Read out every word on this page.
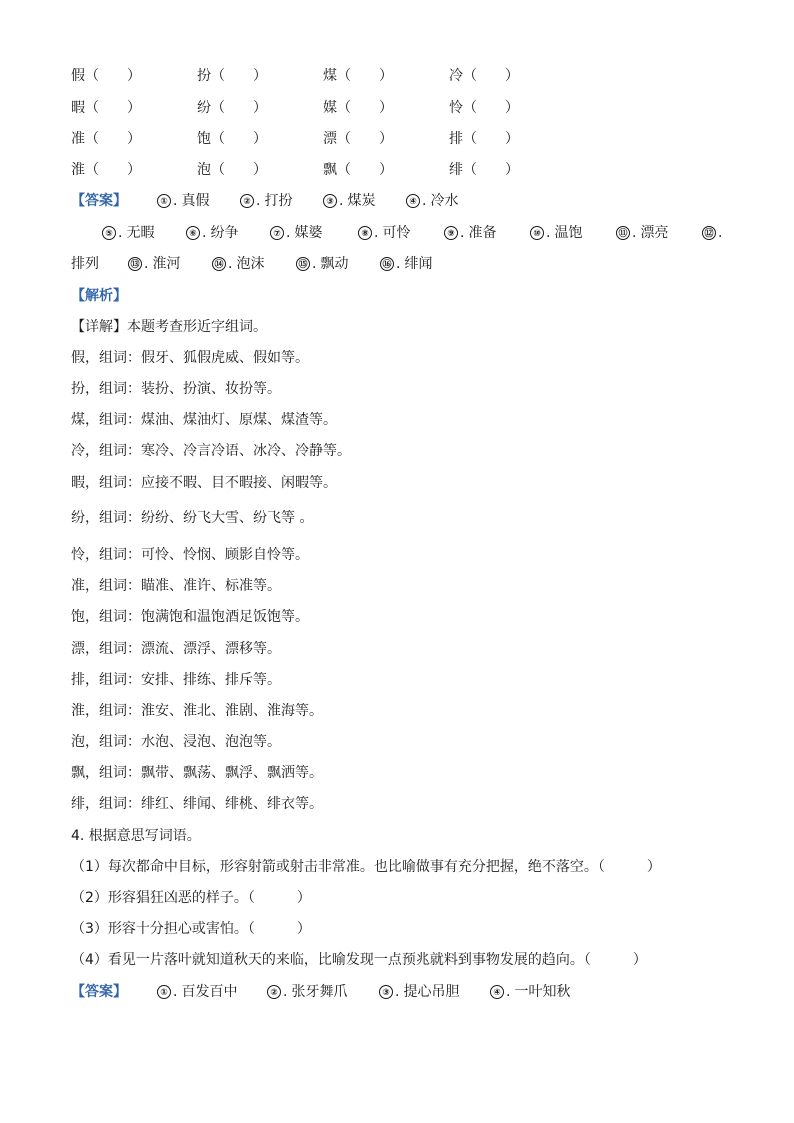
假（　　）	扮（　　）	煤（　　）	冷（　　）
暇（　　）	纷（　　）	媒（　　）	怜（　　）
准（　　）	饱（　　）	漂（　　）	排（　　）
淮（　　）	泡（　　）	飘（　　）	绯（　　）
【答案】	① . 真假	② . 打扮	③ . 煤炭	④ . 冷水
⑤ . 无暇	⑥ . 纷争	⑦ . 媒婆	⑧ . 可怜	⑨ . 准备	⑩ . 温饱	⑪ . 漂亮	⑫ .
排列	⑬ . 淮河	⑭ . 泡沫	⑮ . 飘动	⑯ . 绯闻
【解析】
【详解】本题考查形近字组词。
假，组词：假牙、狐假虎威、假如等。
扮，组词：装扮、扮演、妆扮等。
煤，组词：煤油、煤油灯、原煤、煤渣等。
冷，组词：寒冷、冷言冷语、冰冷、冷静等。
暇，组词：应接不暇、目不暇接、闲暇等。
纷，组词：纷纷、纷飞大雪、纷飞等 。
怜，组词：可怜、怜悯、顾影自怜等。
准，组词：瞄准、准许、标准等。
饱，组词：饱满饱和温饱酒足饭饱等。
漂，组词：漂流、漂浮、漂移等。
排，组词：安排、排练、排斥等。
淮，组词：淮安、淮北、淮剧、淮海等。
泡，组词：水泡、浸泡、泡泡等。
飘，组词：飘带、飘荡、飘浮、飘洒等。
绯，组词：绯红、绯闻、绯桃、绯衣等。
4. 根据意思写词语。
（1）每次都命中目标，形容射箭或射击非常准。也比喻做事有充分把握，绝不落空。（　　　）
（2）形容猖狂凶恶的样子。（　　　）
（3）形容十分担心或害怕。（　　　）
（4）看见一片落叶就知道秋天的来临，比喻发现一点预兆就料到事物发展的趋向。（　　　）
【答案】	① . 百发百中	② . 张牙舞爪	③ . 提心吊胆	④ . 一叶知秋
